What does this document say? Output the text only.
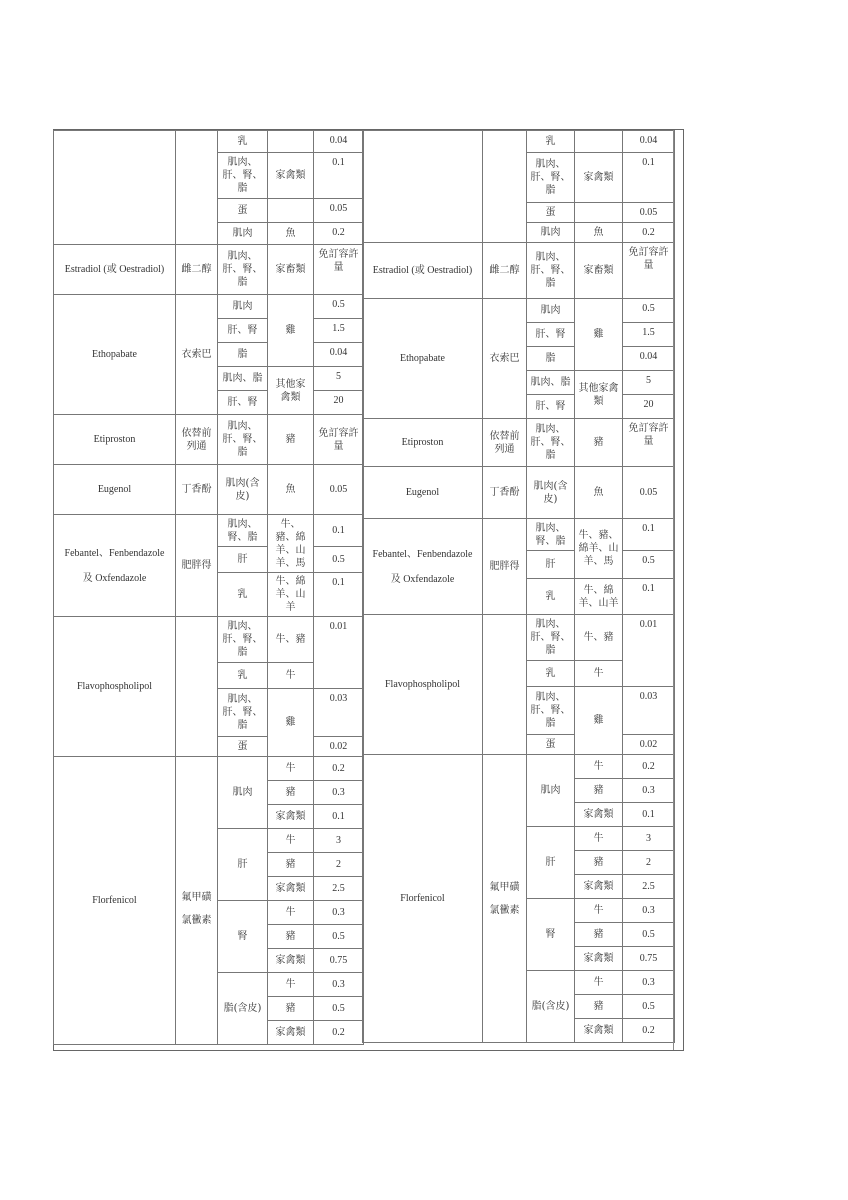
		乳		0.04
		肌肉、肝、腎、脂	家禽類	0.1
		蛋		0.05
		肌肉	魚	0.2
Estradiol (或 Oestradiol)	雌二醇	肌肉、肝、腎、脂	家畜類	免訂容許量
Ethopabate	衣索巴	肌肉	雞	0.5
		肝、腎		1.5
		脂		0.04
		肌肉、脂	其他家禽類	5
		肝、腎		20
Etiproston	依替前列通	肌肉、肝、腎、脂	豬	免訂容許量
Eugenol	丁香酚	肌肉(含皮)	魚	0.05

Febantel、Fenbendazole
及 Oxfendazole	肥胖得	肌肉、腎、脂	牛、豬、綿羊、山羊、馬	0.1
		肝		0.5
		乳	牛、綿羊、山羊	0.1
Flavophospholipol		肌肉、肝、腎、脂	牛、豬	0.01
		乳	牛	
		肌肉、肝、腎、脂	雞	0.03
		蛋		0.02
Florfenicol	氟甲磺
氯黴素	肌肉	牛	0.2
			豬	0.3
			家禽類	0.1
		肝	牛	3
			豬	2
			家禽類	2.5
		腎	牛	0.3
			豬	0.5
			家禽類	0.75
		脂(含皮)	牛	0.3
			豬	0.5
			家禽類	0.2
		乳		0.04
		肌肉、肝、腎、脂	家禽類	0.1
		蛋		0.05
		肌肉	魚	0.2
Estradiol (或 Oestradiol)	雌二醇	肌肉、肝、腎、脂	家畜類	免訂容許量
Ethopabate	衣索巴	肌肉	雞	0.5
		肝、腎		1.5
		脂		0.04
		肌肉、脂	其他家禽類	5
		肝、腎		20
Etiproston	依替前列通	肌肉、肝、腎、脂	豬	免訂容許量
Eugenol	丁香酚	肌肉(含皮)	魚	0.05

Febantel、Fenbendazole
及 Oxfendazole	肥胖得	肌肉、腎、脂	牛、豬、綿羊、山羊、馬	0.1
		肝		0.5
		乳	牛、綿羊、山羊	0.1
Flavophospholipol		肌肉、肝、腎、脂	牛、豬	0.01
		乳	牛	
		肌肉、肝、腎、脂	雞	0.03
		蛋		0.02
Florfenicol	氟甲磺
氯黴素	肌肉	牛	0.2
			豬	0.3
			家禽類	0.1
		肝	牛	3
			豬	2
			家禽類	2.5
		腎	牛	0.3
			豬	0.5
			家禽類	0.75
		脂(含皮)	牛	0.3
			豬	0.5
			家禽類	0.2
